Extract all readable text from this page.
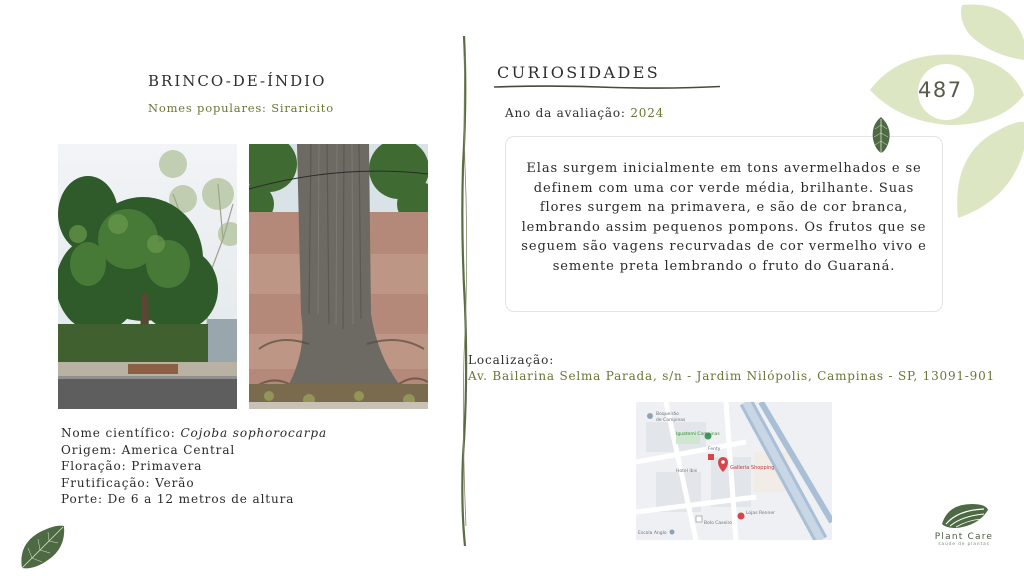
BRINCO-DE-ÍNDIO
Nomes populares: Siraricito
Nome científico: Cojoba sophorocarpa
Origem: America Central
Floração: Primavera
Frutificação: Verão
Porte: De 6 a 12 metros de altura
CURIOSIDADES
Ano da avaliação: 2024

Elas surgem inicialmente em tons avermelhados e se definem com uma cor verde média, brilhante. Suas flores surgem na primavera, e são de cor branca, lembrando assim pequenos pompons. Os frutos que se seguem são vagens recurvadas de cor vermelho vivo e semente preta lembrando o fruto do Guaraná.

Localização:
Av. Bailarina Selma Parada, s/n - Jardim Nilópolis, Campinas - SP, 13091-901
Boqueirão
de Campinas
Iguatemi Campinas
Fenty
Galleria Shopping
Lojas Renner
Hotel Ibis
Bolo Caseiro
Escola Anglo
487
Plant Care
saúde de plantas
